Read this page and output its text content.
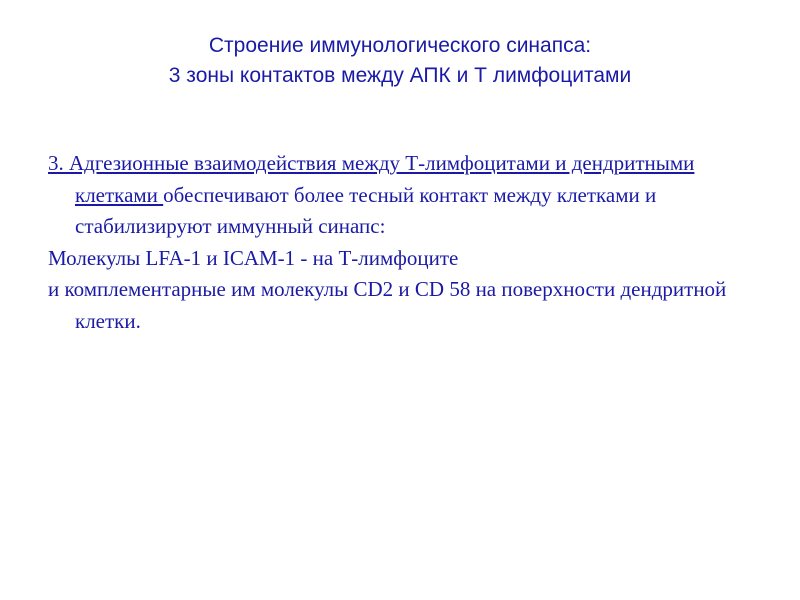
Строение иммунологического синапса:
3 зоны контактов между АПК и Т лимфоцитами
3. Адгезионные взаимодействия между Т-лимфоцитами и дендритными клетками обеспечивают более тесный контакт между клетками и стабилизируют иммунный синапс:
Молекулы LFA-1 и ICAM-1 - на Т-лимфоците
и комплементарные им молекулы CD2 и CD 58 на поверхности дендритной клетки.
